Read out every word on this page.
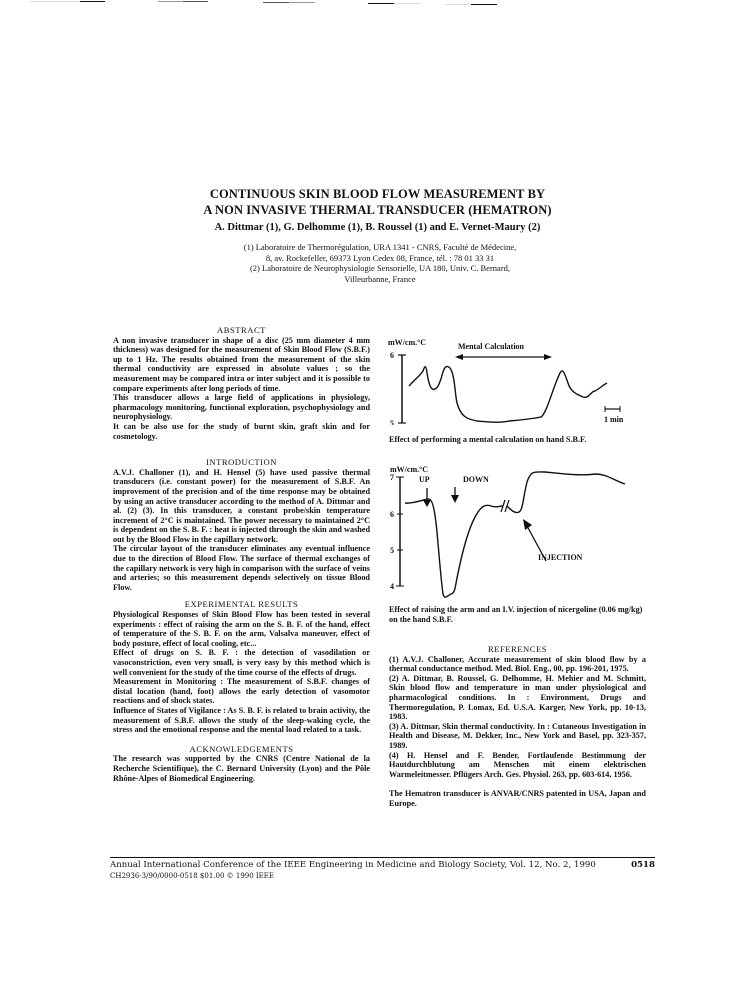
CONTINUOUS SKIN BLOOD FLOW MEASUREMENT BY
A NON INVASIVE THERMAL TRANSDUCER (HEMATRON)
A. Dittmar (1), G. Delhomme (1), B. Roussel (1) and E. Vernet-Maury (2)
(1) Laboratoire de Thermorégulation, URA 1341 - CNRS, Faculté de Médecine,
8, av. Rockefeller, 69373 Lyon Cedex 08, France, tél. : 78 01 33 31
(2) Laboratoire de Neurophysiologie Sensorielle, UA 180, Univ. C. Bernard,
Villeurbanne, France
ABSTRACT

A non invasive transducer in shape of a disc (25 mm diameter 4 mm thickness) was designed for the measurement of Skin Blood Flow (S.B.F.) up to 1 Hz. The results obtained from the measurement of the skin thermal conductivity are expressed in absolute values ; so the measurement may be compared intra or inter subject and it is possible to compare experiments after long periods of time.

This transducer allows a large field of applications in physiology, pharmacology monitoring, functional exploration, psychophysiology and neurophysiology.

It can be also use for the study of burnt skin, graft skin and for cosmetology.

INTRODUCTION

A.V.J. Challoner (1), and H. Hensel (5) have used passive thermal transducers (i.e. constant power) for the measurement of S.B.F. An improvement of the precision and of the time response may be obtained by using an active transducer according to the method of A. Dittmar and al. (2) (3). In this transducer, a constant probe/skin temperature increment of 2°C is maintained. The power necessary to maintained 2°C is dependent on the S. B. F. : heat is injected through the skin and washed out by the Blood Flow in the capillary network.

The circular layout of the transducer eliminates any eventual influence due to the direction of Blood Flow. The surface of thermal exchanges of the capillary network is very high in comparison with the surface of veins and arteries; so this measurement depends selectively on tissue Blood Flow.

EXPERIMENTAL RESULTS

Physiological Responses of Skin Blood Flow has been tested in several experiments : effect of raising the arm on the S. B. F. of the hand, effect of temperature of the S. B. F. on the arm, Valsalva maneuver, effect of body posture, effect of local cooling, etc...

Effect of drugs on S. B. F. : the detection of vasodilation or vasoconstriction, even very small, is very easy by this method which is well convenient for the study of the time course of the effects of drugs.

Measurement in Monitoring : The measurement of S.B.F. changes of distal location (hand, foot) allows the early detection of vasomotor reactions and of shock states.

Influence of States of Vigilance : As S. B. F. is related to brain activity, the measurement of S.B.F. allows the study of the sleep-waking cycle, the stress and the emotional response and the mental load related to a task.

ACKNOWLEDGEMENTS

The research was supported by the CNRS (Centre National de la Recherche Scientifique), the C. Bernard University (Lyon) and the Pôle Rhône-Alpes of Biomedical Engineering.

mW/cm.°C	Mental Calculation
6
5	1 min
Effect of performing a mental calculation on hand S.B.F.
mW/cm.°C
UP	DOWN
7
6
5
4
INJECTION
Effect of raising the arm and an I.V. injection of nicergoline (0.06 mg/kg) on the hand S.B.F.
REFERENCES

(1) A.V.J. Challoner, Accurate measurement of skin blood flow by a thermal conductance method. Med. Biol. Eng., 00, pp. 196-201, 1975.

(2) A. Dittmar, B. Roussel, G. Delhomme, H. Mehier and M. Schmitt, Skin blood flow and temperature in man under physiological and pharmacological conditions. In : Environment, Drugs and Thermoregulation, P. Lomax, Ed. U.S.A. Karger, New York, pp. 10-13, 1983.

(3) A. Dittmar, Skin thermal conductivity. In : Cutaneous Investigation in Health and Disease, M. Dekker, Inc., New York and Basel, pp. 323-357, 1989.

(4) H. Hensel and F. Bender, Fortlaufende Bestimmung der Hautdurchblutung am Menschen mit einem elektrischen Warmeleitmesser. Pflügers Arch. Ges. Physiol. 263, pp. 603-614, 1956.

The Hematron transducer is ANVAR/CNRS patented in USA, Japan and Europe.

Annual International Conference of the IEEE Engineering in Medicine and Biology Society, Vol. 12, No. 2, 1990	0518
CH2936-3/90/0000-0518 $01.00 © 1990 IEEE
